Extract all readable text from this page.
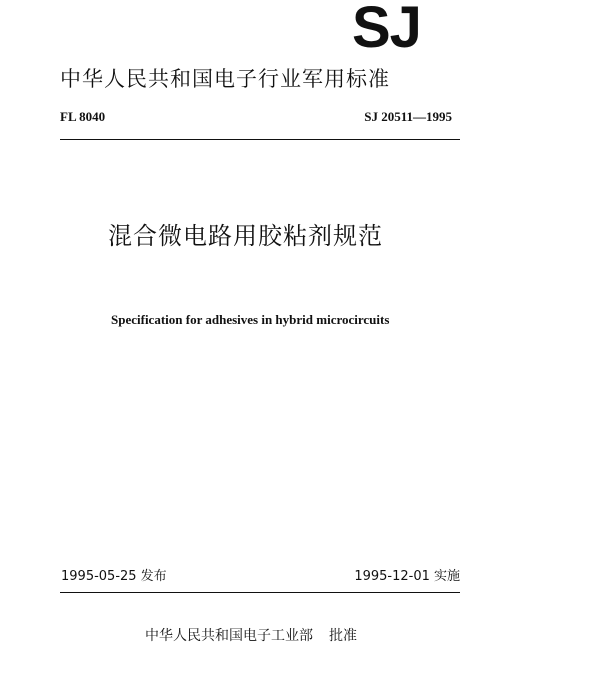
SJ
中华人民共和国电子行业军用标准
FL 8040	SJ 20511—1995
混合微电路用胶粘剂规范
Specification for adhesives in hybrid microcircuits
1995-05-25 发布	1995-12-01 实施
中华人民共和国电子工业部 批准
